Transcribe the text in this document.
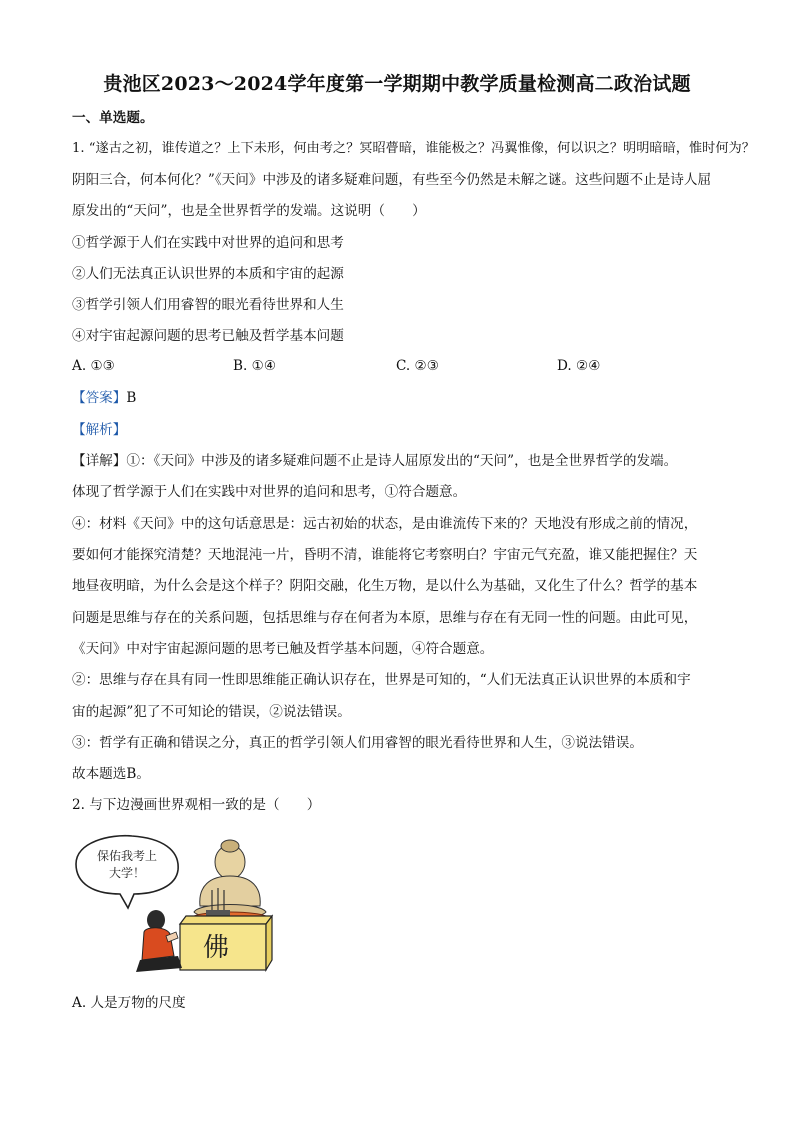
贵池区2023～2024学年度第一学期期中教学质量检测高二政治试题
一、单选题。
1. “遂古之初，谁传道之？上下未形，何由考之？冥昭瞢暗，谁能极之？冯翼惟像，何以识之？明明暗暗，惟时何为？
阴阳三合，何本何化？”《天问》中涉及的诸多疑难问题，有些至今仍然是未解之谜。这些问题不止是诗人屈
原发出的“天问”，也是全世界哲学的发端。这说明（　　）
①哲学源于人们在实践中对世界的追问和思考
②人们无法真正认识世界的本质和宇宙的起源
③哲学引领人们用睿智的眼光看待世界和人生
④对宇宙起源问题的思考已触及哲学基本问题
A. ①③	B. ①④	C. ②③	D. ②④
【答案】B
【解析】
【详解】①：《天问》中涉及的诸多疑难问题不止是诗人屈原发出的“天问”，也是全世界哲学的发端。
体现了哲学源于人们在实践中对世界的追问和思考，①符合题意。
④：材料《天问》中的这句话意思是：远古初始的状态，是由谁流传下来的？天地没有形成之前的情况，
要如何才能探究清楚？天地混沌一片，昏明不清，谁能将它考察明白？宇宙元气充盈，谁又能把握住？天
地昼夜明暗，为什么会是这个样子？阴阳交融，化生万物，是以什么为基础，又化生了什么？哲学的基本
问题是思维与存在的关系问题，包括思维与存在何者为本原，思维与存在有无同一性的问题。由此可见，
《天问》中对宇宙起源问题的思考已触及哲学基本问题，④符合题意。
②：思维与存在具有同一性即思维能正确认识存在，世界是可知的，“人们无法真正认识世界的本质和宇
宙的起源”犯了不可知论的错误，②说法错误。
③：哲学有正确和错误之分，真正的哲学引领人们用睿智的眼光看待世界和人生，③说法错误。
故本题选B。
2. 与下边漫画世界观相一致的是（　　）
保佑我考上
大学！
佛
A. 人是万物的尺度
